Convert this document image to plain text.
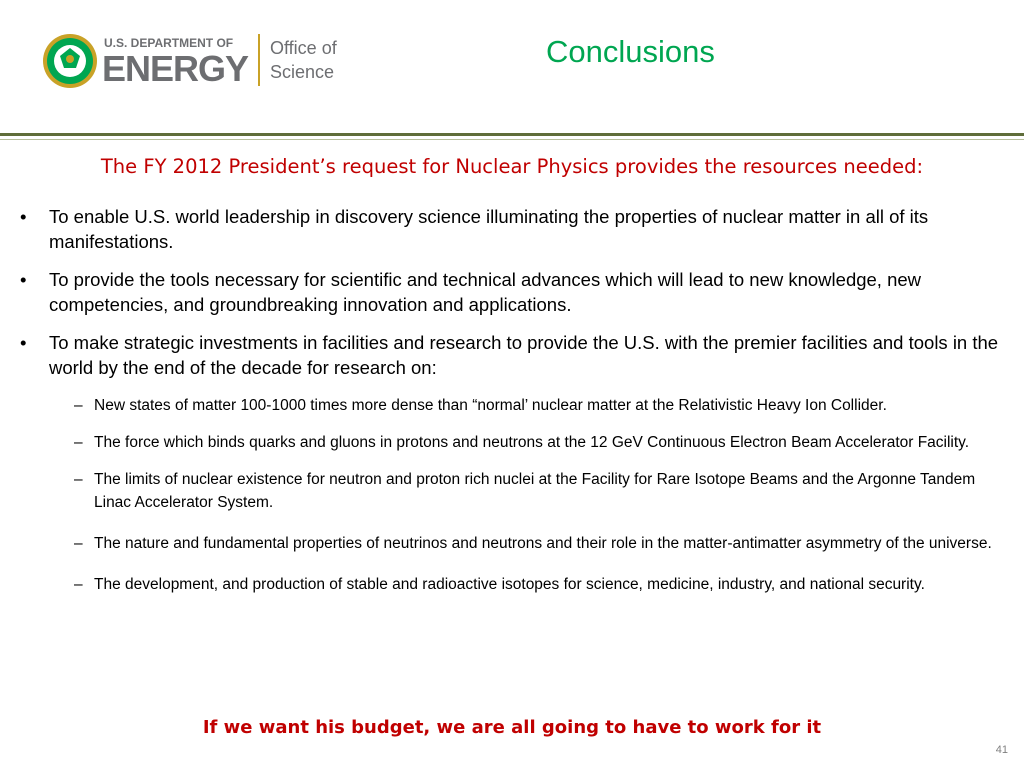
U.S. DEPARTMENT OF
ENERGY Office of
Science
Conclusions
The FY 2012 President’s request for Nuclear Physics provides the resources needed:
• To enable U.S. world leadership in discovery science illuminating the properties of nuclear matter in all of its manifestations.
• To provide the tools necessary for scientific and technical advances which will lead to new knowledge, new competencies, and groundbreaking innovation and applications.
• To make strategic investments in facilities and research to provide the U.S. with the premier facilities and tools in the world by the end of the decade for research on:
– New states of matter 100-1000 times more dense than “normal’ nuclear matter at the Relativistic Heavy Ion Collider.
– The force which binds quarks and gluons in protons and neutrons at the 12 GeV Continuous Electron Beam Accelerator Facility.
– The limits of nuclear existence for neutron and proton rich nuclei at the Facility for Rare Isotope Beams and the Argonne Tandem Linac Accelerator System.
– The nature and fundamental properties of neutrinos and neutrons and their role in the matter-antimatter asymmetry of the universe.
– The development, and production of stable and radioactive isotopes for science, medicine, industry, and national security.
If we want his budget, we are all going to have to work for it
41
